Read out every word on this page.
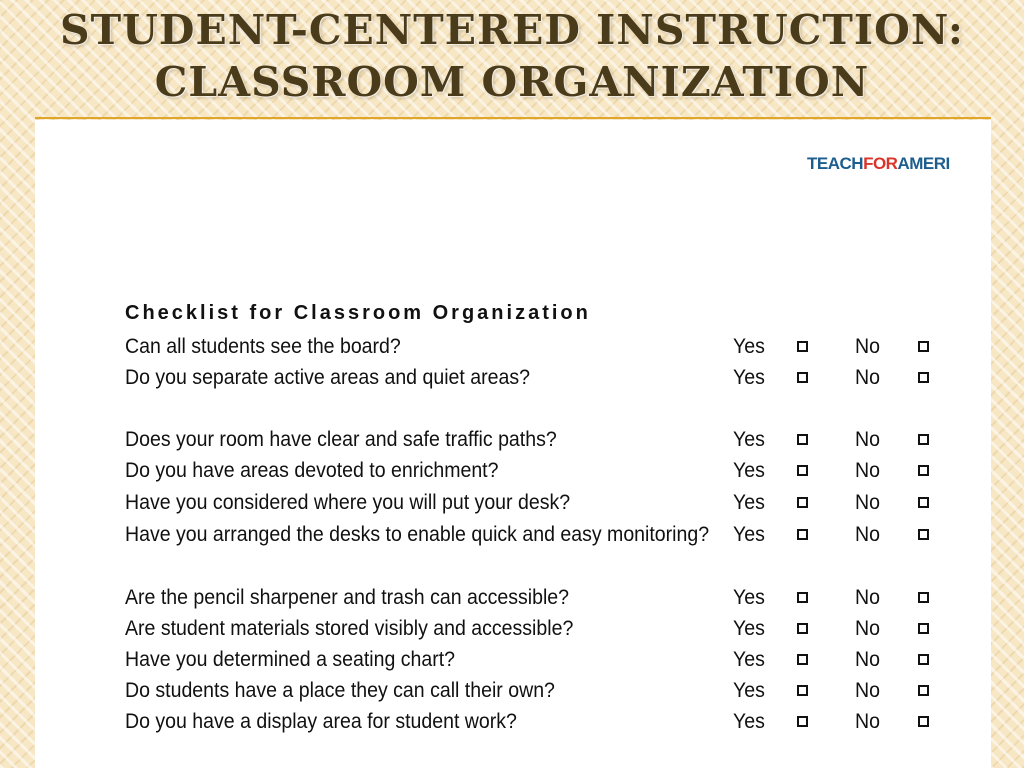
STUDENT-CENTERED INSTRUCTION:
CLASSROOM ORGANIZATION
TEACHFORAMERI
Checklist for Classroom Organization
Can all students see the board?	Yes	No
Do you separate active areas and quiet areas?	Yes	No
Does your room have clear and safe traffic paths?	Yes	No
Do you have areas devoted to enrichment?	Yes	No
Have you considered where you will put your desk?	Yes	No
Have you arranged the desks to enable quick and easy monitoring? Yes	No
Are the pencil sharpener and trash can accessible?	Yes	No
Are student materials stored visibly and accessible?	Yes	No
Have you determined a seating chart?	Yes	No
Do students have a place they can call their own?	Yes	No
Do you have a display area for student work?	Yes	No
